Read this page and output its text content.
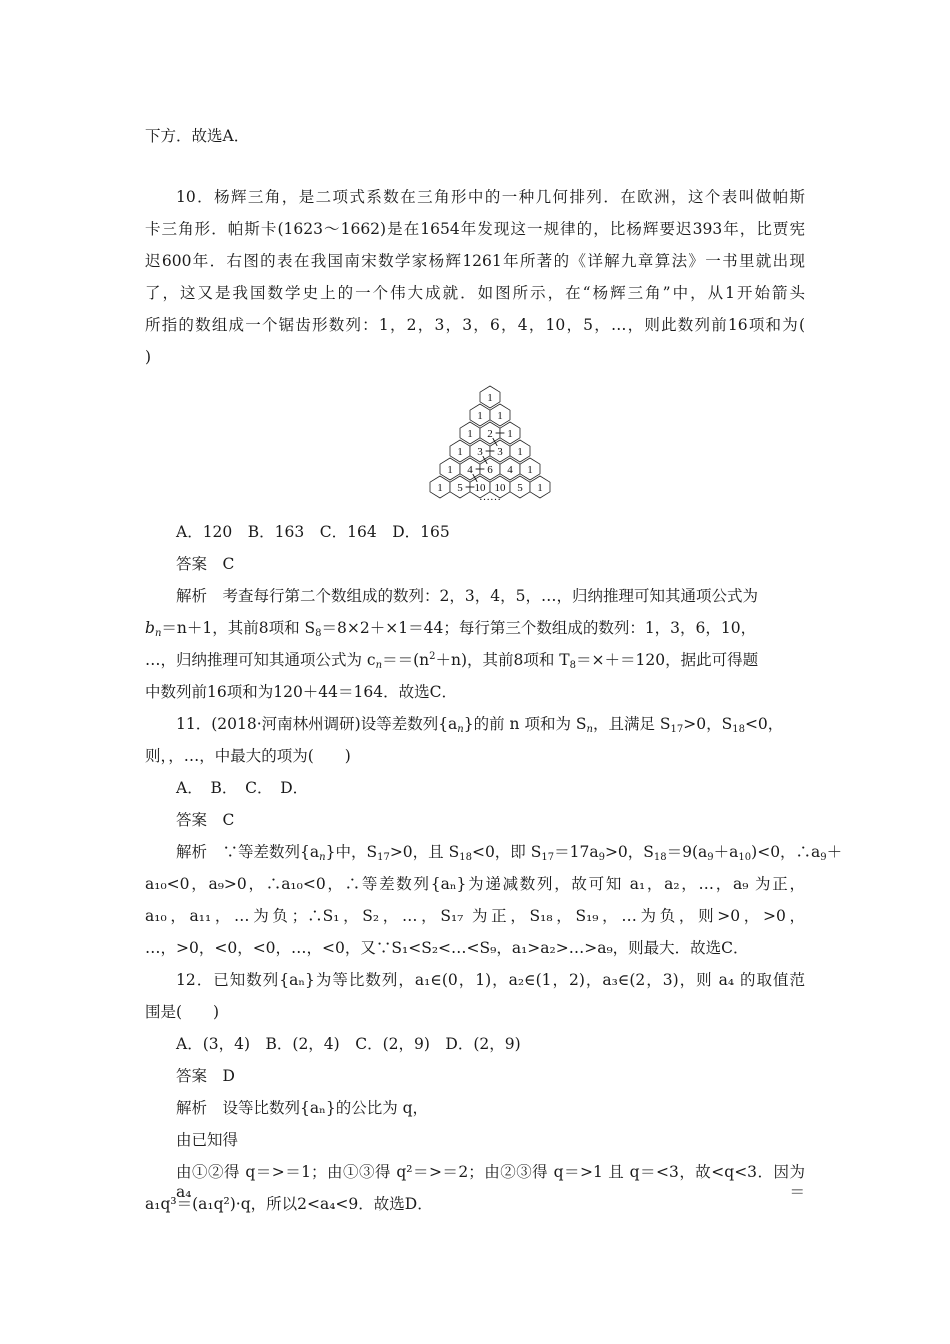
下方．故选A．
10．杨辉三角，是二项式系数在三角形中的一种几何排列．在欧洲，这个表叫做帕斯
卡三角形．帕斯卡(1623～1662)是在1654年发现这一规律的，比杨辉要迟393年，比贾宪
迟600年．右图的表在我国南宋数学家杨辉1261年所著的《详解九章算法》一书里就出现
了，这又是我国数学史上的一个伟大成就．如图所示，在“杨辉三角”中，从1开始箭头
所指的数组成一个锯齿形数列：1，2，3，3，6，4，10，5，…，则此数列前16项和为(
)
1
1 1
1 2 1
1 3 3 1
1 4 6 4 1
1 5 10 10 5 1
……
A．120　B．163　C．164　D．165
答案　 C
解析　 考查每行第二个数组成的数列：2，3，4，5，…，归纳推理可知其通项公式为
$b_n=n+1$，其前8项和 $S_8=8\times 2+\times 1=44$；每行第三个数组成的数列：1，3，6，10，
…，归纳推理可知其通项公式为 $c_n==(n^2+n)$，其前8项和 $T_8=\times+=120$，据此可得题
中数列前16项和为120＋44＝164．故选C．
11．(2018·河南林州调研)设等差数列$\{a_n\}$的前 n 项和为 $S_n$，且满足 $S_{17}>0$，$S_{18}<0$，
则，，…，中最大的项为(　　)
A．　B．　C．　D．
答案　 C
解析　 ∵等差数列$\{a_n\}$中，$S_{17}>0$，且 $S_{18}<0$，即 $S_{17}=17a_9>0$，$S_{18}=9(a_9+a_{10})<0$，$\therefore a_9+$
a₁₀<0，a₉>0，∴a₁₀<0，∴等差数列{aₙ}为递减数列，故可知 a₁，a₂，…，a₉ 为正，
a₁₀，a₁₁，…为负；∴S₁，S₂，…，S₁₇ 为正，S₁₈，S₁₉，…为负，则>0，>0，
…，>0，<0，<0，…，<0，又∵S₁<S₂<…<S₉，a₁>a₂>…>a₉，则最大．故选C．
12．已知数列{aₙ}为等比数列，a₁∈(0，1)，a₂∈(1，2)，a₃∈(2，3)，则 a₄ 的取值范
围是(　　)
A．(3，4)　B．(2，4)　C．(2，9)　D．(2，9)
答案　 D
解析　 设等比数列{aₙ}的公比为 q，
由已知得
由①②得 q＝>＝1；由①③得 q²＝>＝2；由②③得 q＝>1 且 q＝<3，故<q<3．因为 a₄＝
a₁q³＝(a₁q²)·q，所以2<a₄<9．故选D．
